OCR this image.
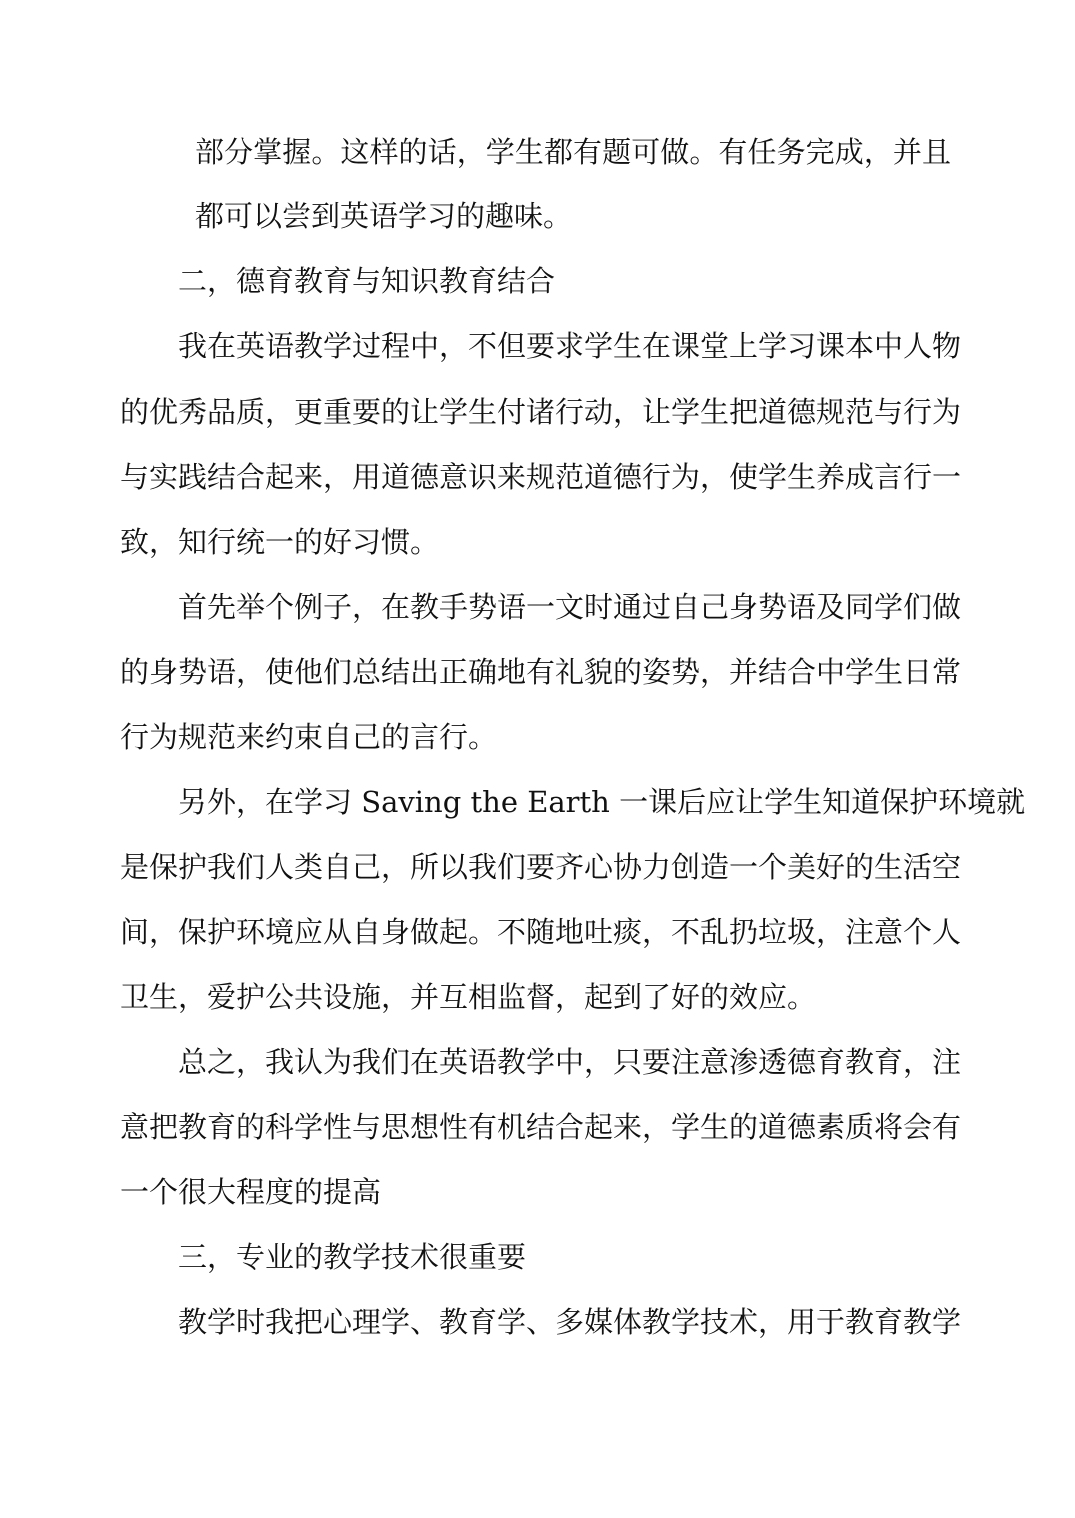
部分掌握。这样的话，学生都有题可做。有任务完成，并且
都可以尝到英语学习的趣味。
二，德育教育与知识教育结合
我在英语教学过程中，不但要求学生在课堂上学习课本中人物
的优秀品质，更重要的让学生付诸行动，让学生把道德规范与行为
与实践结合起来，用道德意识来规范道德行为，使学生养成言行一
致，知行统一的好习惯。
首先举个例子，在教手势语一文时通过自己身势语及同学们做
的身势语，使他们总结出正确地有礼貌的姿势，并结合中学生日常
行为规范来约束自己的言行。
另外，在学习 Saving the Earth 一课后应让学生知道保护环境就
是保护我们人类自己，所以我们要齐心协力创造一个美好的生活空
间，保护环境应从自身做起。不随地吐痰，不乱扔垃圾，注意个人
卫生，爱护公共设施，并互相监督，起到了好的效应。
总之，我认为我们在英语教学中，只要注意渗透德育教育，注
意把教育的科学性与思想性有机结合起来，学生的道德素质将会有
一个很大程度的提高
三，专业的教学技术很重要
教学时我把心理学、教育学、多媒体教学技术，用于教育教学
